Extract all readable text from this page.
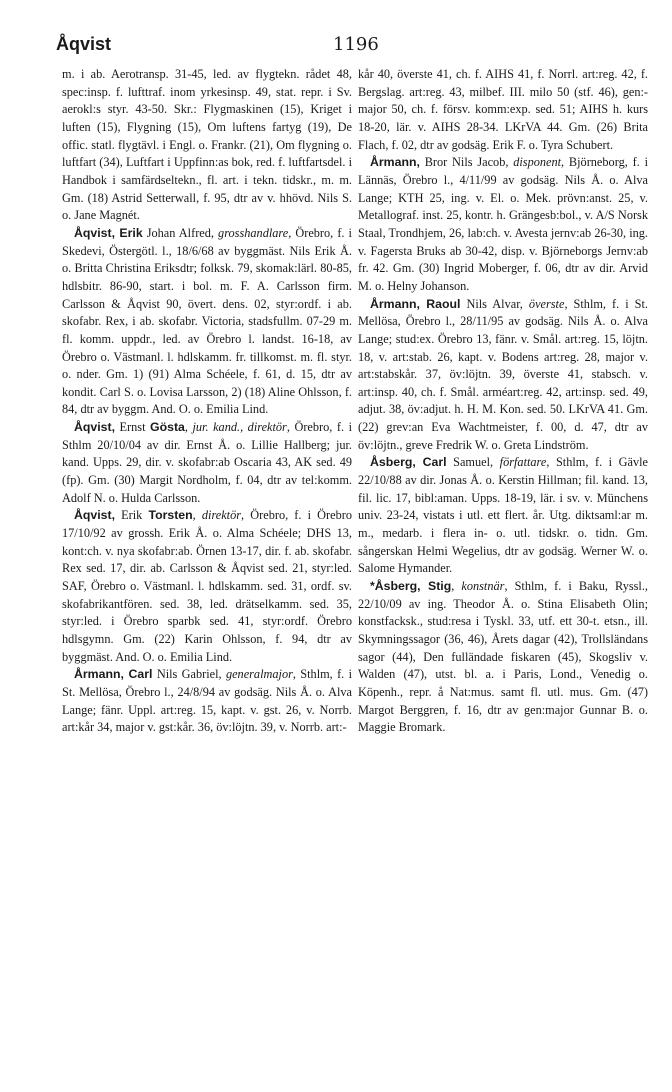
Åqvist	1196

m. i ab. Aerotransp. 31-45, led. av flygtekn. rådet 48, spec:insp. f. lufttraf. inom yrkesinsp. 49, stat. repr. i Sv. aerokl:s styr. 43-50. Skr.: Flygmaskinen (15), Kriget i luften (15), Flygning (15), Om luftens fartyg (19), De offic. statl. flygtävl. i Engl. o. Frankr. (21), Om flygning o. luftfart (34), Luftfart i Uppfinn:as bok, red. f. luftfartsdel. i Handbok i samfärdseltekn., fl. art. i tekn. tidskr., m. m. Gm. (18) Astrid Setterwall, f. 95, dtr av v. hhövd. Nils S. o. Jane Magnét.

Åqvist, Erik Johan Alfred, grosshandlare, Örebro, f. i Skedevi, Östergötl. l., 18/6/68 av byggmäst. Nils Erik Å. o. Britta Christina Eriksdtr; folksk. 79, skomak:lärl. 80-85, hdlsbitr. 86-90, start. i bol. m. F. A. Carlsson firm. Carlsson & Åqvist 90, övert. dens. 02, styr:ordf. i ab. skofabr. Rex, i ab. skofabr. Victoria, stadsfullm. 07-29 m. fl. komm. uppdr., led. av Örebro l. landst. 16-18, av Örebro o. Västmanl. l. hdlskamm. fr. tillkomst. m. fl. styr. o. nder. Gm. 1) (91) Alma Schéele, f. 61, d. 15, dtr av kondit. Carl S. o. Lovisa Larsson, 2) (18) Aline Ohlsson, f. 84, dtr av byggm. And. O. o. Emilia Lind.

Åqvist, Ernst Gösta, jur. kand., direktör, Örebro, f. i Sthlm 20/10/04 av dir. Ernst Å. o. Lillie Hallberg; jur. kand. Upps. 29, dir. v. skofabr:ab Oscaria 43, AK sed. 49 (fp). Gm. (30) Margit Nordholm, f. 04, dtr av tel:komm. Adolf N. o. Hulda Carlsson.

Åqvist, Erik Torsten, direktör, Örebro, f. i Örebro 17/10/92 av grossh. Erik Å. o. Alma Schéele; DHS 13, kont:ch. v. nya skofabr:ab. Örnen 13-17, dir. f. ab. skofabr. Rex sed. 17, dir. ab. Carlsson & Åqvist sed. 21, styr:led. SAF, Örebro o. Västmanl. l. hdlskamm. sed. 31, ordf. sv. skofabrikantfören. sed. 38, led. drätselkamm. sed. 35, styr:led. i Örebro sparbk sed. 41, styr:ordf. Örebro hdlsgymn. Gm. (22) Karin Ohlsson, f. 94, dtr av byggmäst. And. O. o. Emilia Lind.

Årmann, Carl Nils Gabriel, generalmajor, Sthlm, f. i St. Mellösa, Örebro l., 24/8/94 av godsäg. Nils Å. o. Alva Lange; fänr. Uppl. art:reg. 15, kapt. v. gst. 26, v. Norrb. art:kår 34, major v. gst:kår. 36, öv:löjtn. 39, v. Norrb. art:-

kår 40, överste 41, ch. f. AIHS 41, f. Norrl. art:reg. 42, f. Bergslag. art:reg. 43, milbef. III. milo 50 (stf. 46), gen:-major 50, ch. f. försv. komm:exp. sed. 51; AIHS h. kurs 18-20, lär. v. AIHS 28-34. LKrVA 44. Gm. (26) Brita Flach, f. 02, dtr av godsäg. Erik F. o. Tyra Schubert.

Årmann, Bror Nils Jacob, disponent, Björneborg, f. i Lännäs, Örebro l., 4/11/99 av godsäg. Nils Å. o. Alva Lange; KTH 25, ing. v. El. o. Mek. prövn:anst. 25, v. Metallograf. inst. 25, kontr. h. Grängesb:bol., v. A/S Norsk Staal, Trondhjem, 26, lab:ch. v. Avesta jernv:ab 26-30, ing. v. Fagersta Bruks ab 30-42, disp. v. Björneborgs Jernv:ab fr. 42. Gm. (30) Ingrid Moberger, f. 06, dtr av dir. Arvid M. o. Helny Johanson.

Årmann, Raoul Nils Alvar, överste, Sthlm, f. i St. Mellösa, Örebro l., 28/11/95 av godsäg. Nils Å. o. Alva Lange; stud:ex. Örebro 13, fänr. v. Smål. art:reg. 15, löjtn. 18, v. art:stab. 26, kapt. v. Bodens art:reg. 28, major v. art:stabskår. 37, öv:löjtn. 39, överste 41, stabsch. v. art:insp. 40, ch. f. Smål. arméart:reg. 42, art:insp. sed. 49, adjut. 38, öv:adjut. h. H. M. Kon. sed. 50. LKrVA 41. Gm. (22) grev:an Eva Wachtmeister, f. 00, d. 47, dtr av öv:löjtn., greve Fredrik W. o. Greta Lindström.

Åsberg, Carl Samuel, författare, Sthlm, f. i Gävle 22/10/88 av dir. Jonas Å. o. Kerstin Hillman; fil. kand. 13, fil. lic. 17, bibl:aman. Upps. 18-19, lär. i sv. v. Münchens univ. 23-24, vistats i utl. ett flert. år. Utg. diktsaml:ar m. m., medarb. i flera in- o. utl. tidskr. o. tidn. Gm. sångerskan Helmi Wegelius, dtr av godsäg. Werner W. o. Salome Hymander.

*Åsberg, Stig, konstnär, Sthlm, f. i Baku, Ryssl., 22/10/09 av ing. Theodor Å. o. Stina Elisabeth Olin; konstfacksk., stud:resa i Tyskl. 33, utf. ett 30-t. etsn., ill. Skymningssagor (36, 46), Årets dagar (42), Trollsländans sagor (44), Den fulländade fiskaren (45), Skogsliv v. Walden (47), utst. bl. a. i Paris, Lond., Venedig o. Köpenh., repr. å Nat:mus. samt fl. utl. mus. Gm. (47) Margot Berggren, f. 16, dtr av gen:major Gunnar B. o. Maggie Bromark.
